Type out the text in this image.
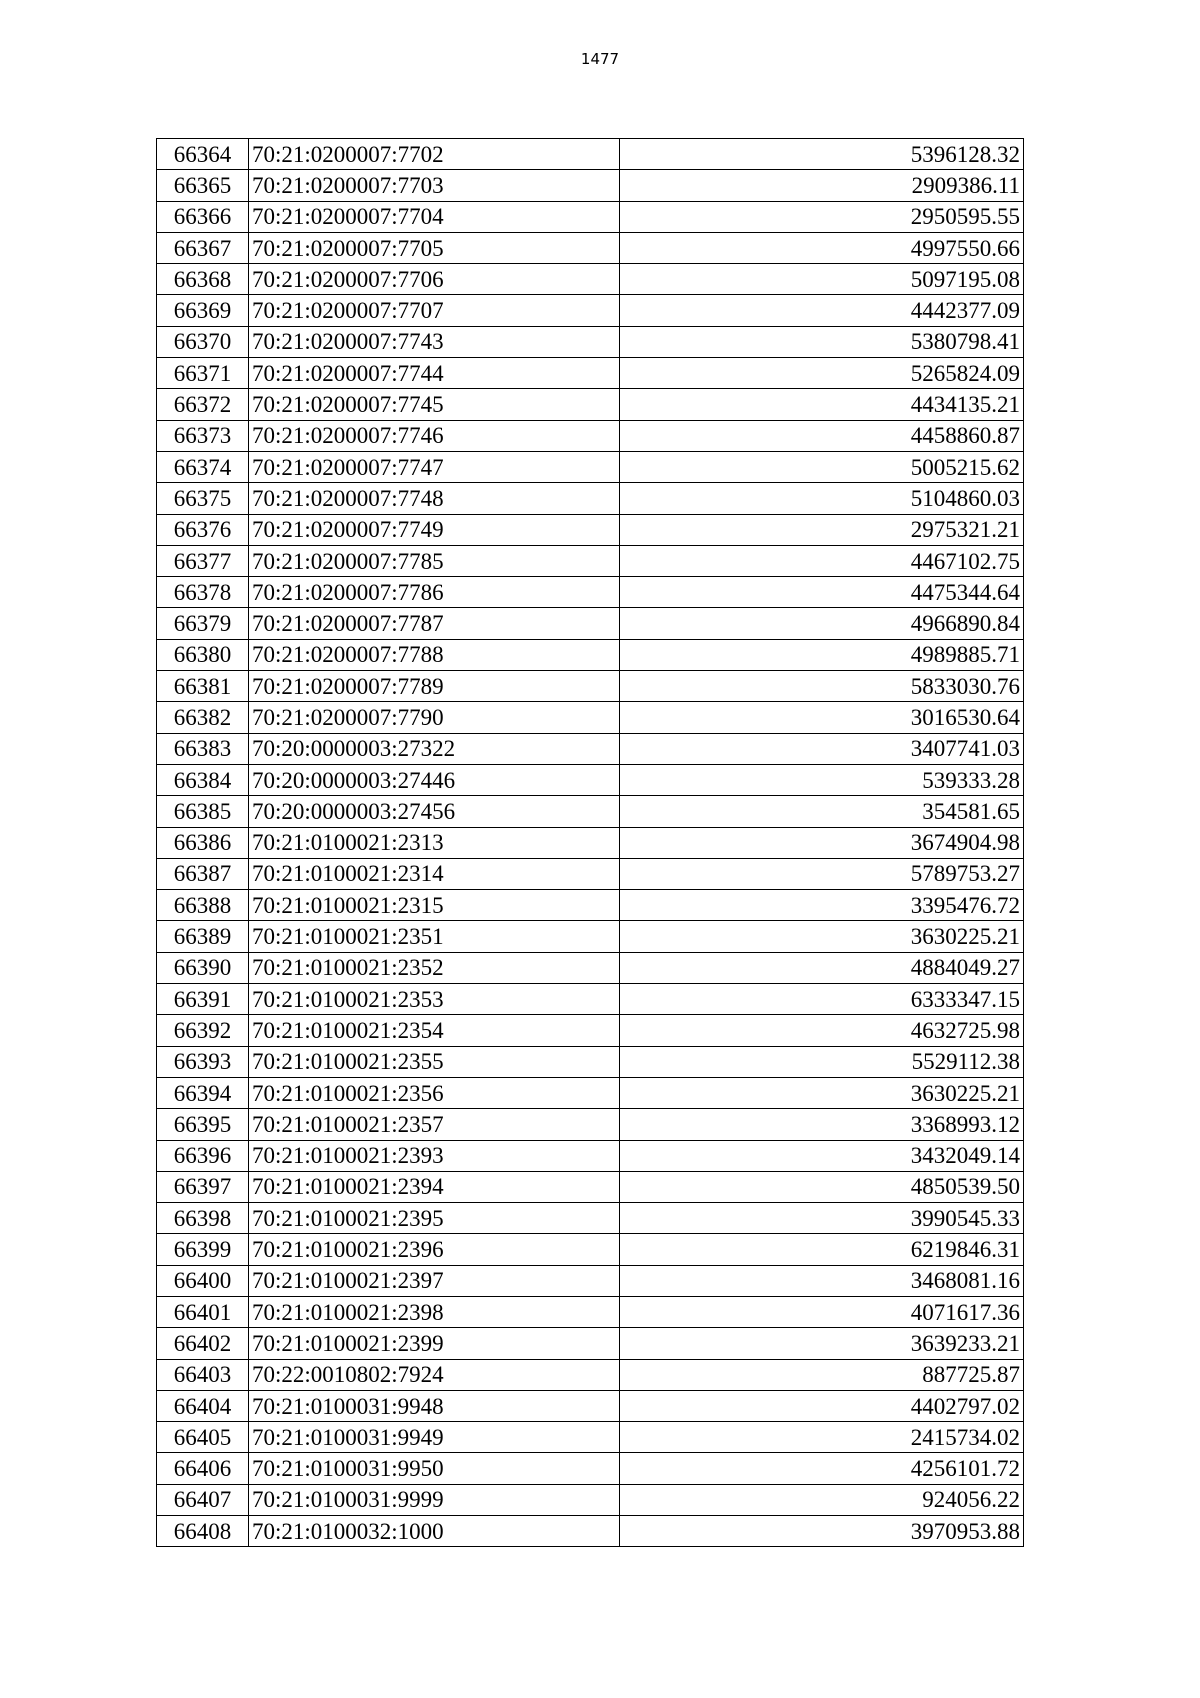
1477
66364	70:21:0200007:7702	5396128.32
66365	70:21:0200007:7703	2909386.11
66366	70:21:0200007:7704	2950595.55
66367	70:21:0200007:7705	4997550.66
66368	70:21:0200007:7706	5097195.08
66369	70:21:0200007:7707	4442377.09
66370	70:21:0200007:7743	5380798.41
66371	70:21:0200007:7744	5265824.09
66372	70:21:0200007:7745	4434135.21
66373	70:21:0200007:7746	4458860.87
66374	70:21:0200007:7747	5005215.62
66375	70:21:0200007:7748	5104860.03
66376	70:21:0200007:7749	2975321.21
66377	70:21:0200007:7785	4467102.75
66378	70:21:0200007:7786	4475344.64
66379	70:21:0200007:7787	4966890.84
66380	70:21:0200007:7788	4989885.71
66381	70:21:0200007:7789	5833030.76
66382	70:21:0200007:7790	3016530.64
66383	70:20:0000003:27322	3407741.03
66384	70:20:0000003:27446	539333.28
66385	70:20:0000003:27456	354581.65
66386	70:21:0100021:2313	3674904.98
66387	70:21:0100021:2314	5789753.27
66388	70:21:0100021:2315	3395476.72
66389	70:21:0100021:2351	3630225.21
66390	70:21:0100021:2352	4884049.27
66391	70:21:0100021:2353	6333347.15
66392	70:21:0100021:2354	4632725.98
66393	70:21:0100021:2355	5529112.38
66394	70:21:0100021:2356	3630225.21
66395	70:21:0100021:2357	3368993.12
66396	70:21:0100021:2393	3432049.14
66397	70:21:0100021:2394	4850539.50
66398	70:21:0100021:2395	3990545.33
66399	70:21:0100021:2396	6219846.31
66400	70:21:0100021:2397	3468081.16
66401	70:21:0100021:2398	4071617.36
66402	70:21:0100021:2399	3639233.21
66403	70:22:0010802:7924	887725.87
66404	70:21:0100031:9948	4402797.02
66405	70:21:0100031:9949	2415734.02
66406	70:21:0100031:9950	4256101.72
66407	70:21:0100031:9999	924056.22
66408	70:21:0100032:1000	3970953.88
